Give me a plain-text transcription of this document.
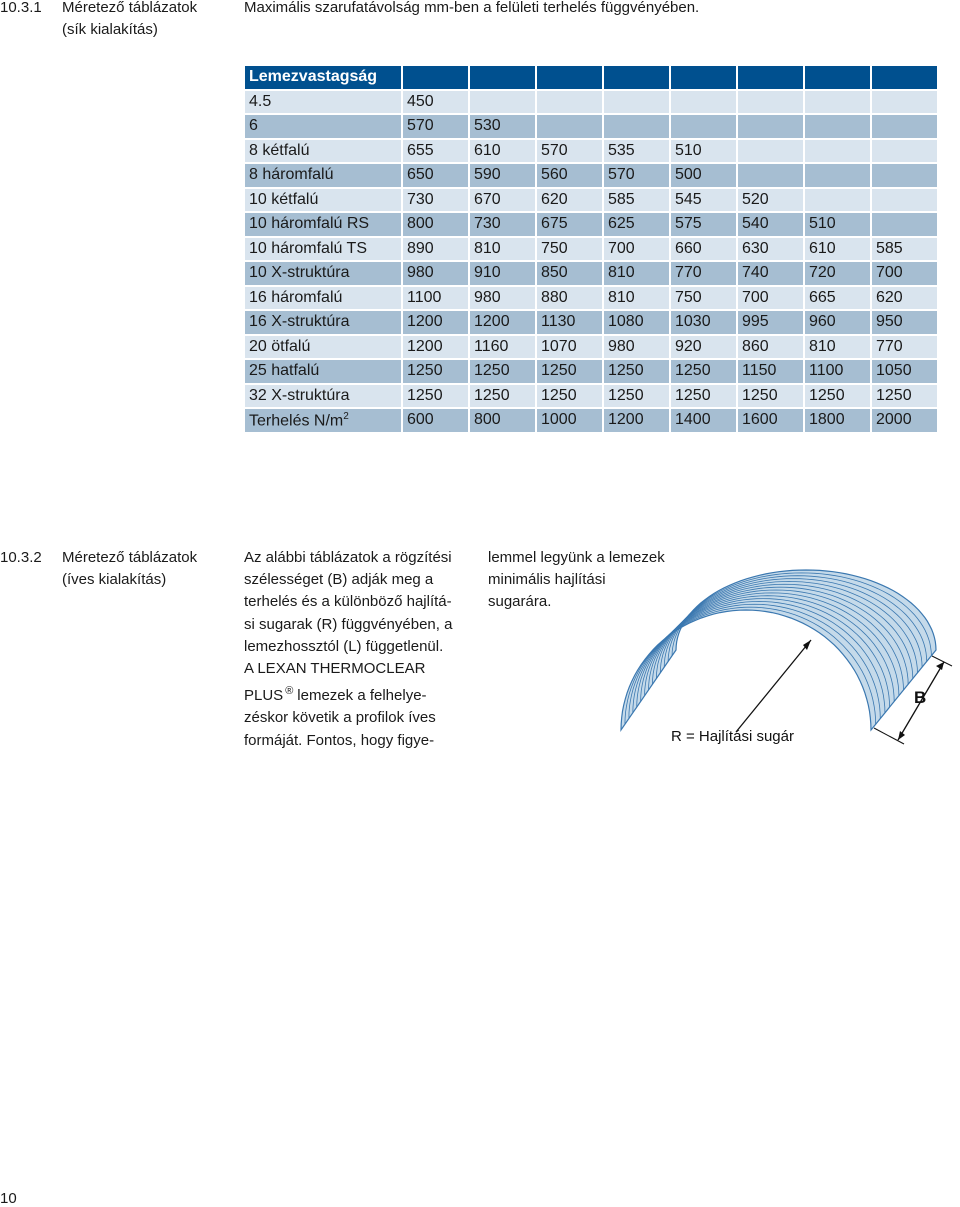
10.3.1 Méretező táblázatok
(sík kialakítás)
Maximális szarufatávolság mm-ben a felületi terhelés függvényében.
Lemezvastagság								
4.5	450							
6	570	530						
8 kétfalú	655	610	570	535	510			
8 háromfalú	650	590	560	570	500			
10 kétfalú	730	670	620	585	545	520		
10 háromfalú RS	800	730	675	625	575	540	510	
10 háromfalú TS	890	810	750	700	660	630	610	585
10 X-struktúra	980	910	850	810	770	740	720	700
16 háromfalú	1100	980	880	810	750	700	665	620
16 X-struktúra	1200	1200	1130	1080	1030	995	960	950
20 ötfalú	1200	1160	1070	980	920	860	810	770
25 hatfalú	1250	1250	1250	1250	1250	1150	1100	1050
32 X-struktúra	1250	1250	1250	1250	1250	1250	1250	1250
Terhelés $N/m^2$	600	800	1000	1200	1400	1600	1800	2000
10.3.2 Méretező táblázatok
(íves kialakítás)
Az alábbi táblázatok a rögzítési
szélességet (B) adják meg a
terhelés és a különböző hajlítá-
si sugarak (R) függvényében, a
lemezhossztól (L) függetlenül.
A LEXAN THERMOCLEAR
PLUS ® lemezek a felhelye-
zéskor követik a profilok íves
formáját. Fontos, hogy figye-
lemmel legyünk a lemezek
minimális hajlítási
sugarára.
B
R = Hajlítási sugár
10
